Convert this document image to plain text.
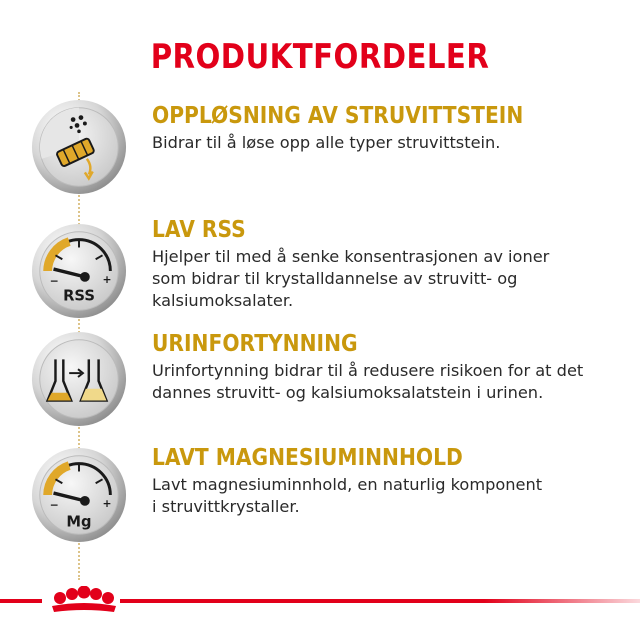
PRODUKTFORDELER
OPPLØSNING AV STRUVITTSTEIN

Bidrar til å løse opp alle typer struvittstein.

−	+
RSS
LAV RSS

Hjelper til med å senke konsentrasjonen av ioner
som bidrar til krystalldannelse av struvitt- og
kalsiumoksalater.

URINFORTYNNING

Urinfortynning bidrar til å redusere risikoen for at det
dannes struvitt- og kalsiumoksalatstein i urinen.

−	+
Mg
LAVT MAGNESIUMINNHOLD

Lavt magnesiuminnhold, en naturlig komponent
i struvittkrystaller.
